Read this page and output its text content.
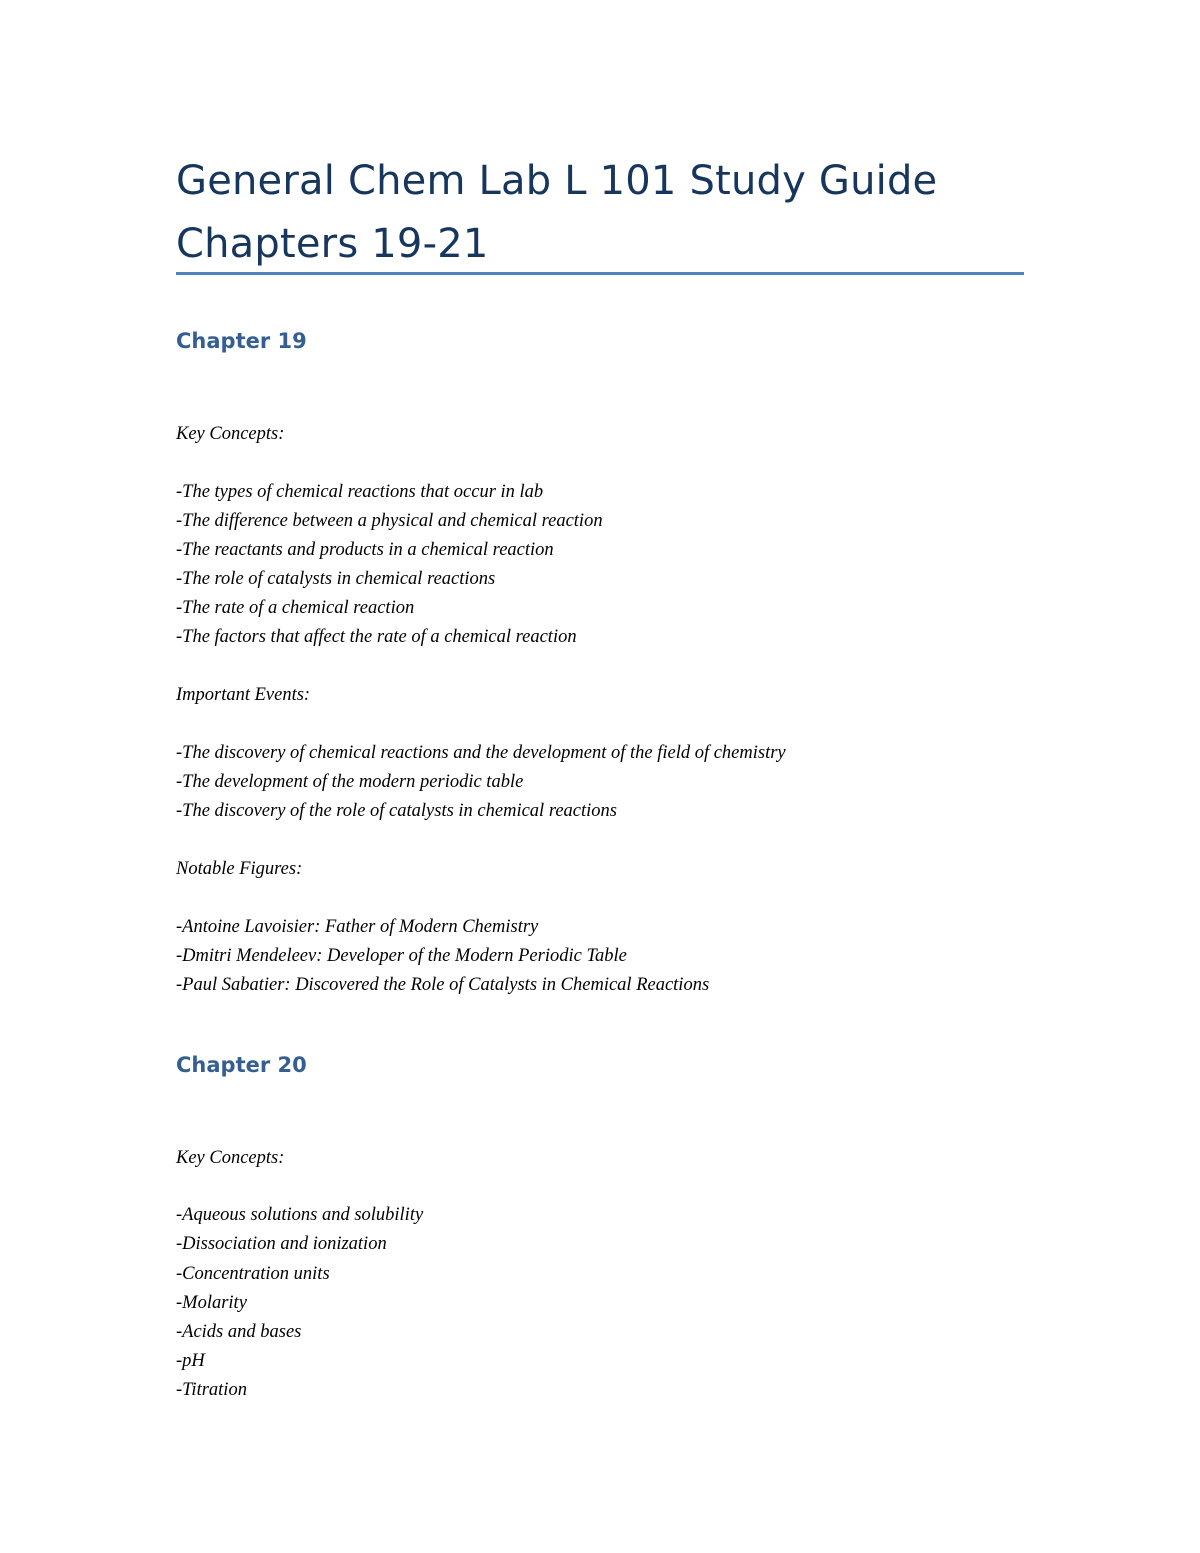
General Chem Lab L 101 Study Guide
Chapters 19-21
Chapter 19
Key Concepts:
-The types of chemical reactions that occur in lab
-The difference between a physical and chemical reaction
-The reactants and products in a chemical reaction
-The role of catalysts in chemical reactions
-The rate of a chemical reaction
-The factors that affect the rate of a chemical reaction
Important Events:
-The discovery of chemical reactions and the development of the field of chemistry
-The development of the modern periodic table
-The discovery of the role of catalysts in chemical reactions
Notable Figures:
-Antoine Lavoisier: Father of Modern Chemistry
-Dmitri Mendeleev: Developer of the Modern Periodic Table
-Paul Sabatier: Discovered the Role of Catalysts in Chemical Reactions
Chapter 20
Key Concepts:
-Aqueous solutions and solubility
-Dissociation and ionization
-Concentration units
-Molarity
-Acids and bases
-pH
-Titration
